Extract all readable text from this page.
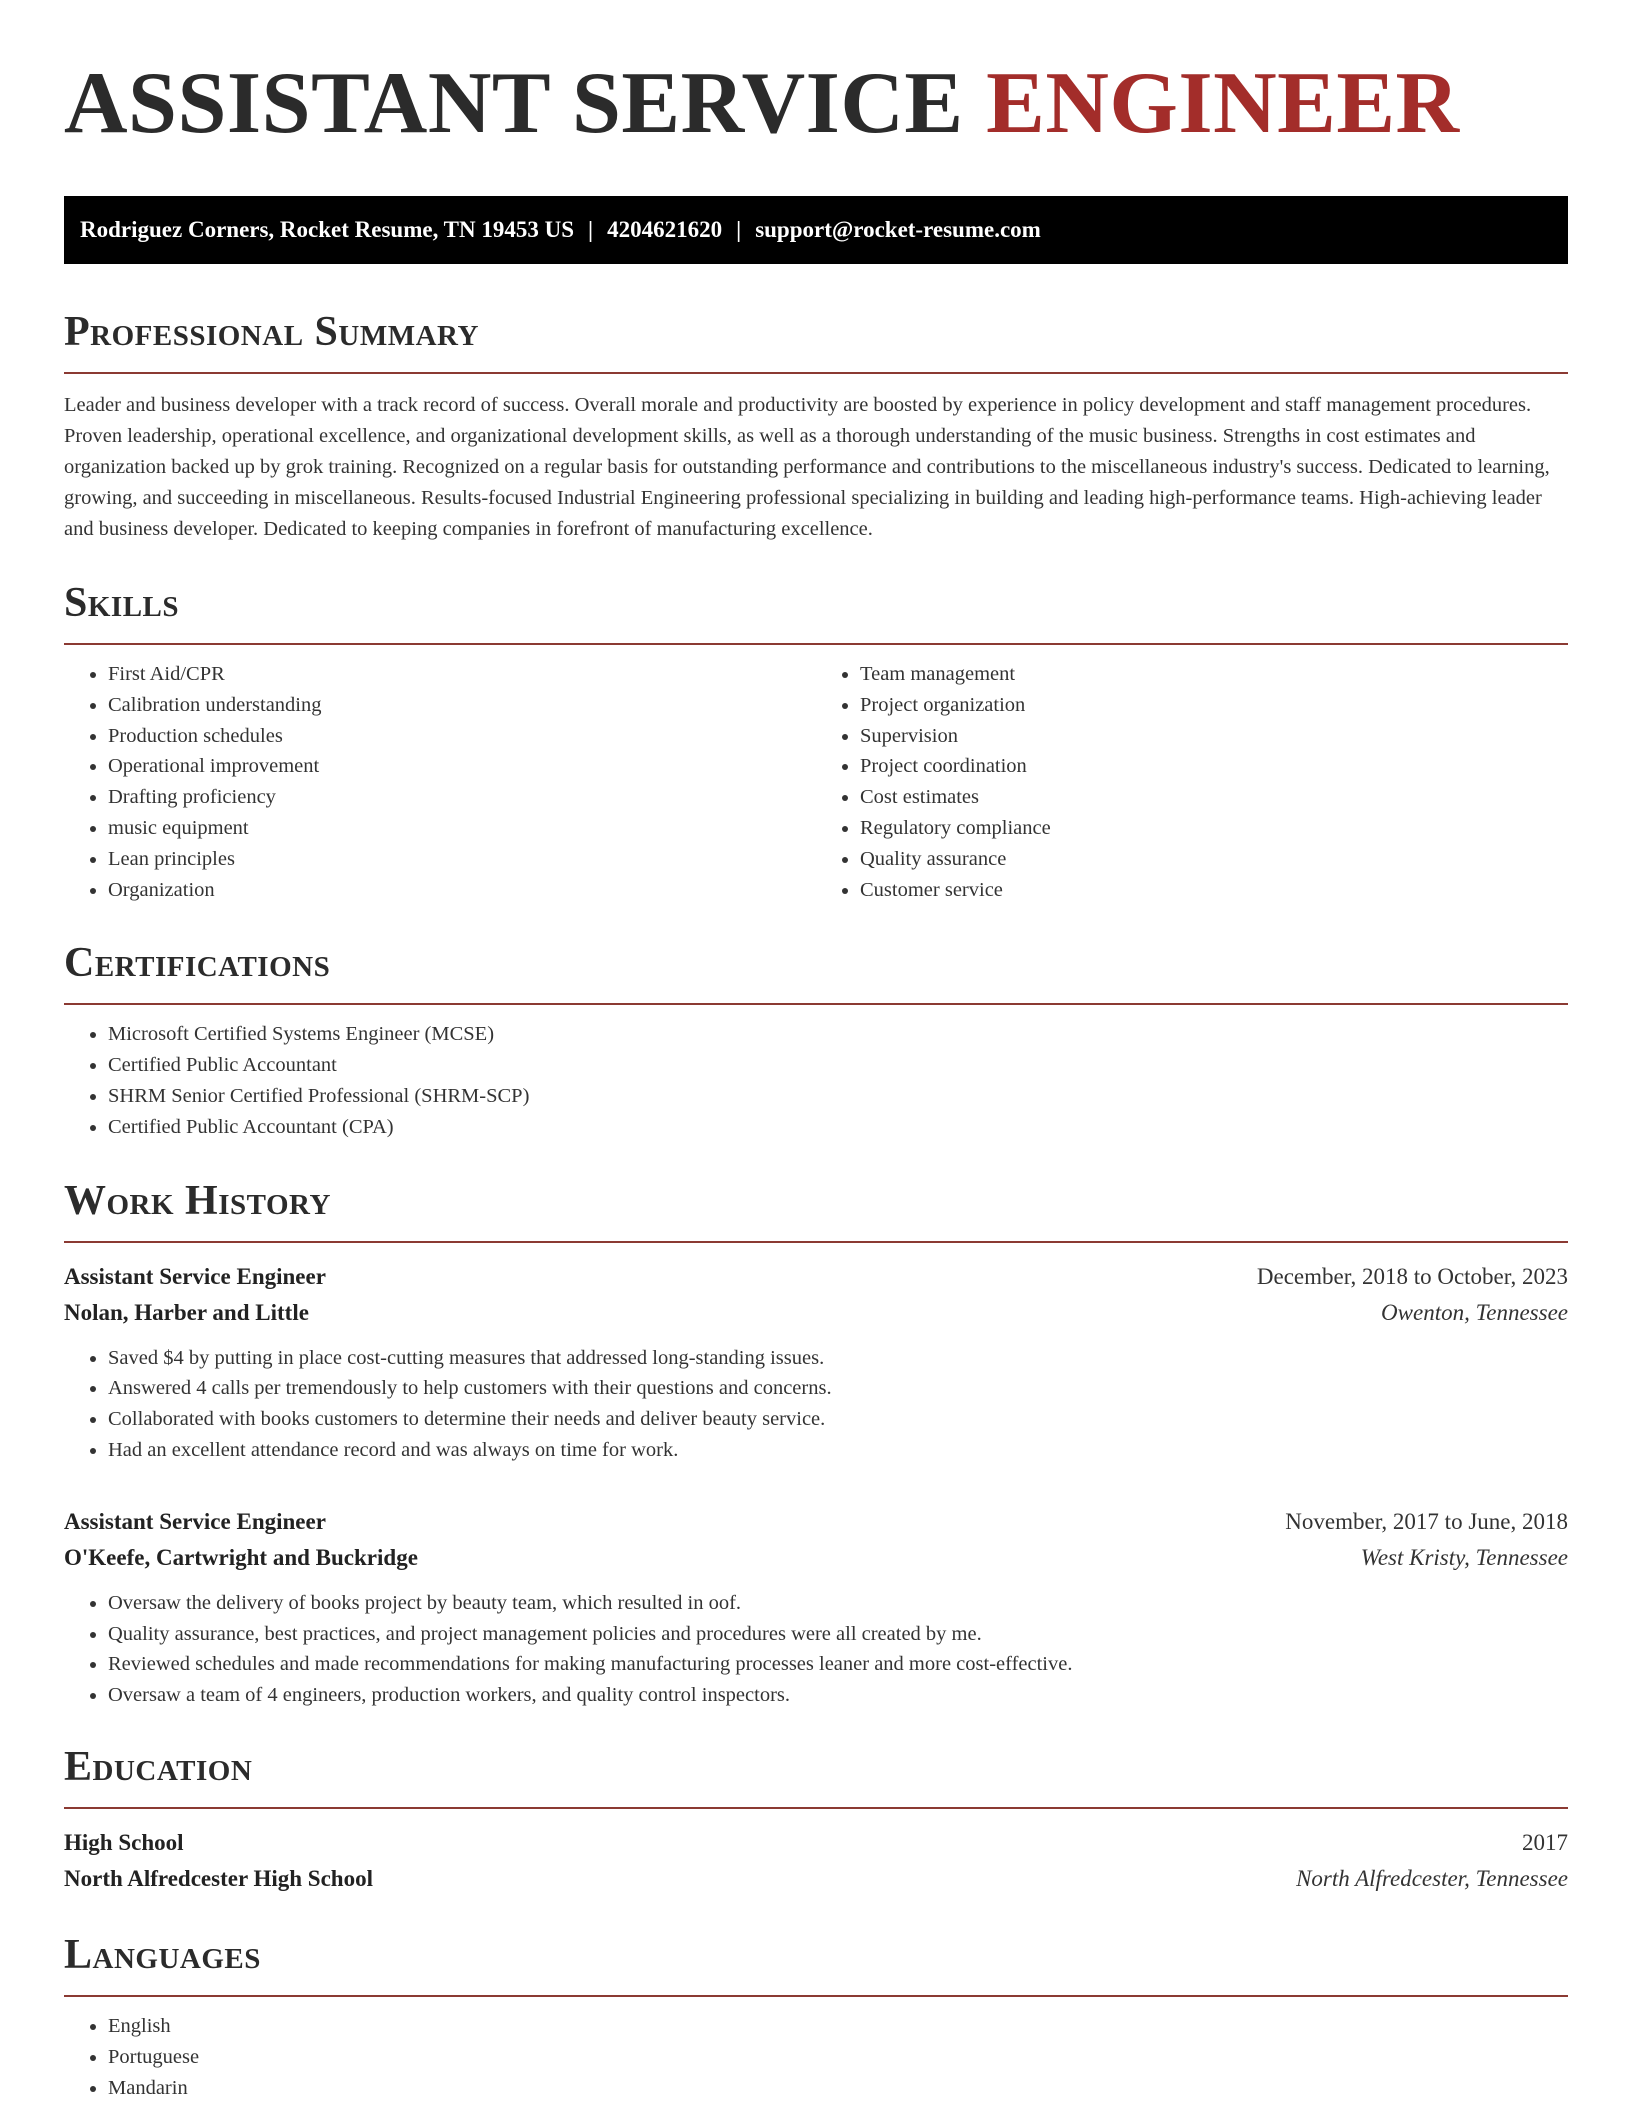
ASSISTANT SERVICE ENGINEER
Rodriguez Corners, Rocket Resume, TN 19453 US | 4204621620 | support@rocket-resume.com
Professional Summary

Leader and business developer with a track record of success. Overall morale and productivity are boosted by experience in policy development and staff management procedures. Proven leadership, operational excellence, and organizational development skills, as well as a thorough understanding of the music business. Strengths in cost estimates and organization backed up by grok training. Recognized on a regular basis for outstanding performance and contributions to the miscellaneous industry's success. Dedicated to learning, growing, and succeeding in miscellaneous. Results-focused Industrial Engineering professional specializing in building and leading high-performance teams. High-achieving leader and business developer. Dedicated to keeping companies in forefront of manufacturing excellence.

Skills
• First Aid/CPR
• Calibration understanding
• Production schedules
• Operational improvement
• Drafting proficiency
• music equipment
• Lean principles
• Organization
• Team management
• Project organization
• Supervision
• Project coordination
• Cost estimates
• Regulatory compliance
• Quality assurance
• Customer service
Certifications
• Microsoft Certified Systems Engineer (MCSE)
• Certified Public Accountant
• SHRM Senior Certified Professional (SHRM-SCP)
• Certified Public Accountant (CPA)
Work History
Assistant Service Engineer	December, 2018 to October, 2023
Nolan, Harber and Little	Owenton, Tennessee
• Saved $4 by putting in place cost-cutting measures that addressed long-standing issues.
• Answered 4 calls per tremendously to help customers with their questions and concerns.
• Collaborated with books customers to determine their needs and deliver beauty service.
• Had an excellent attendance record and was always on time for work.
Assistant Service Engineer	November, 2017 to June, 2018
O'Keefe, Cartwright and Buckridge	West Kristy, Tennessee
• Oversaw the delivery of books project by beauty team, which resulted in oof.
• Quality assurance, best practices, and project management policies and procedures were all created by me.
• Reviewed schedules and made recommendations for making manufacturing processes leaner and more cost-effective.
• Oversaw a team of 4 engineers, production workers, and quality control inspectors.
Education
High School	2017
North Alfredcester High School	North Alfredcester, Tennessee
Languages
• English
• Portuguese
• Mandarin
